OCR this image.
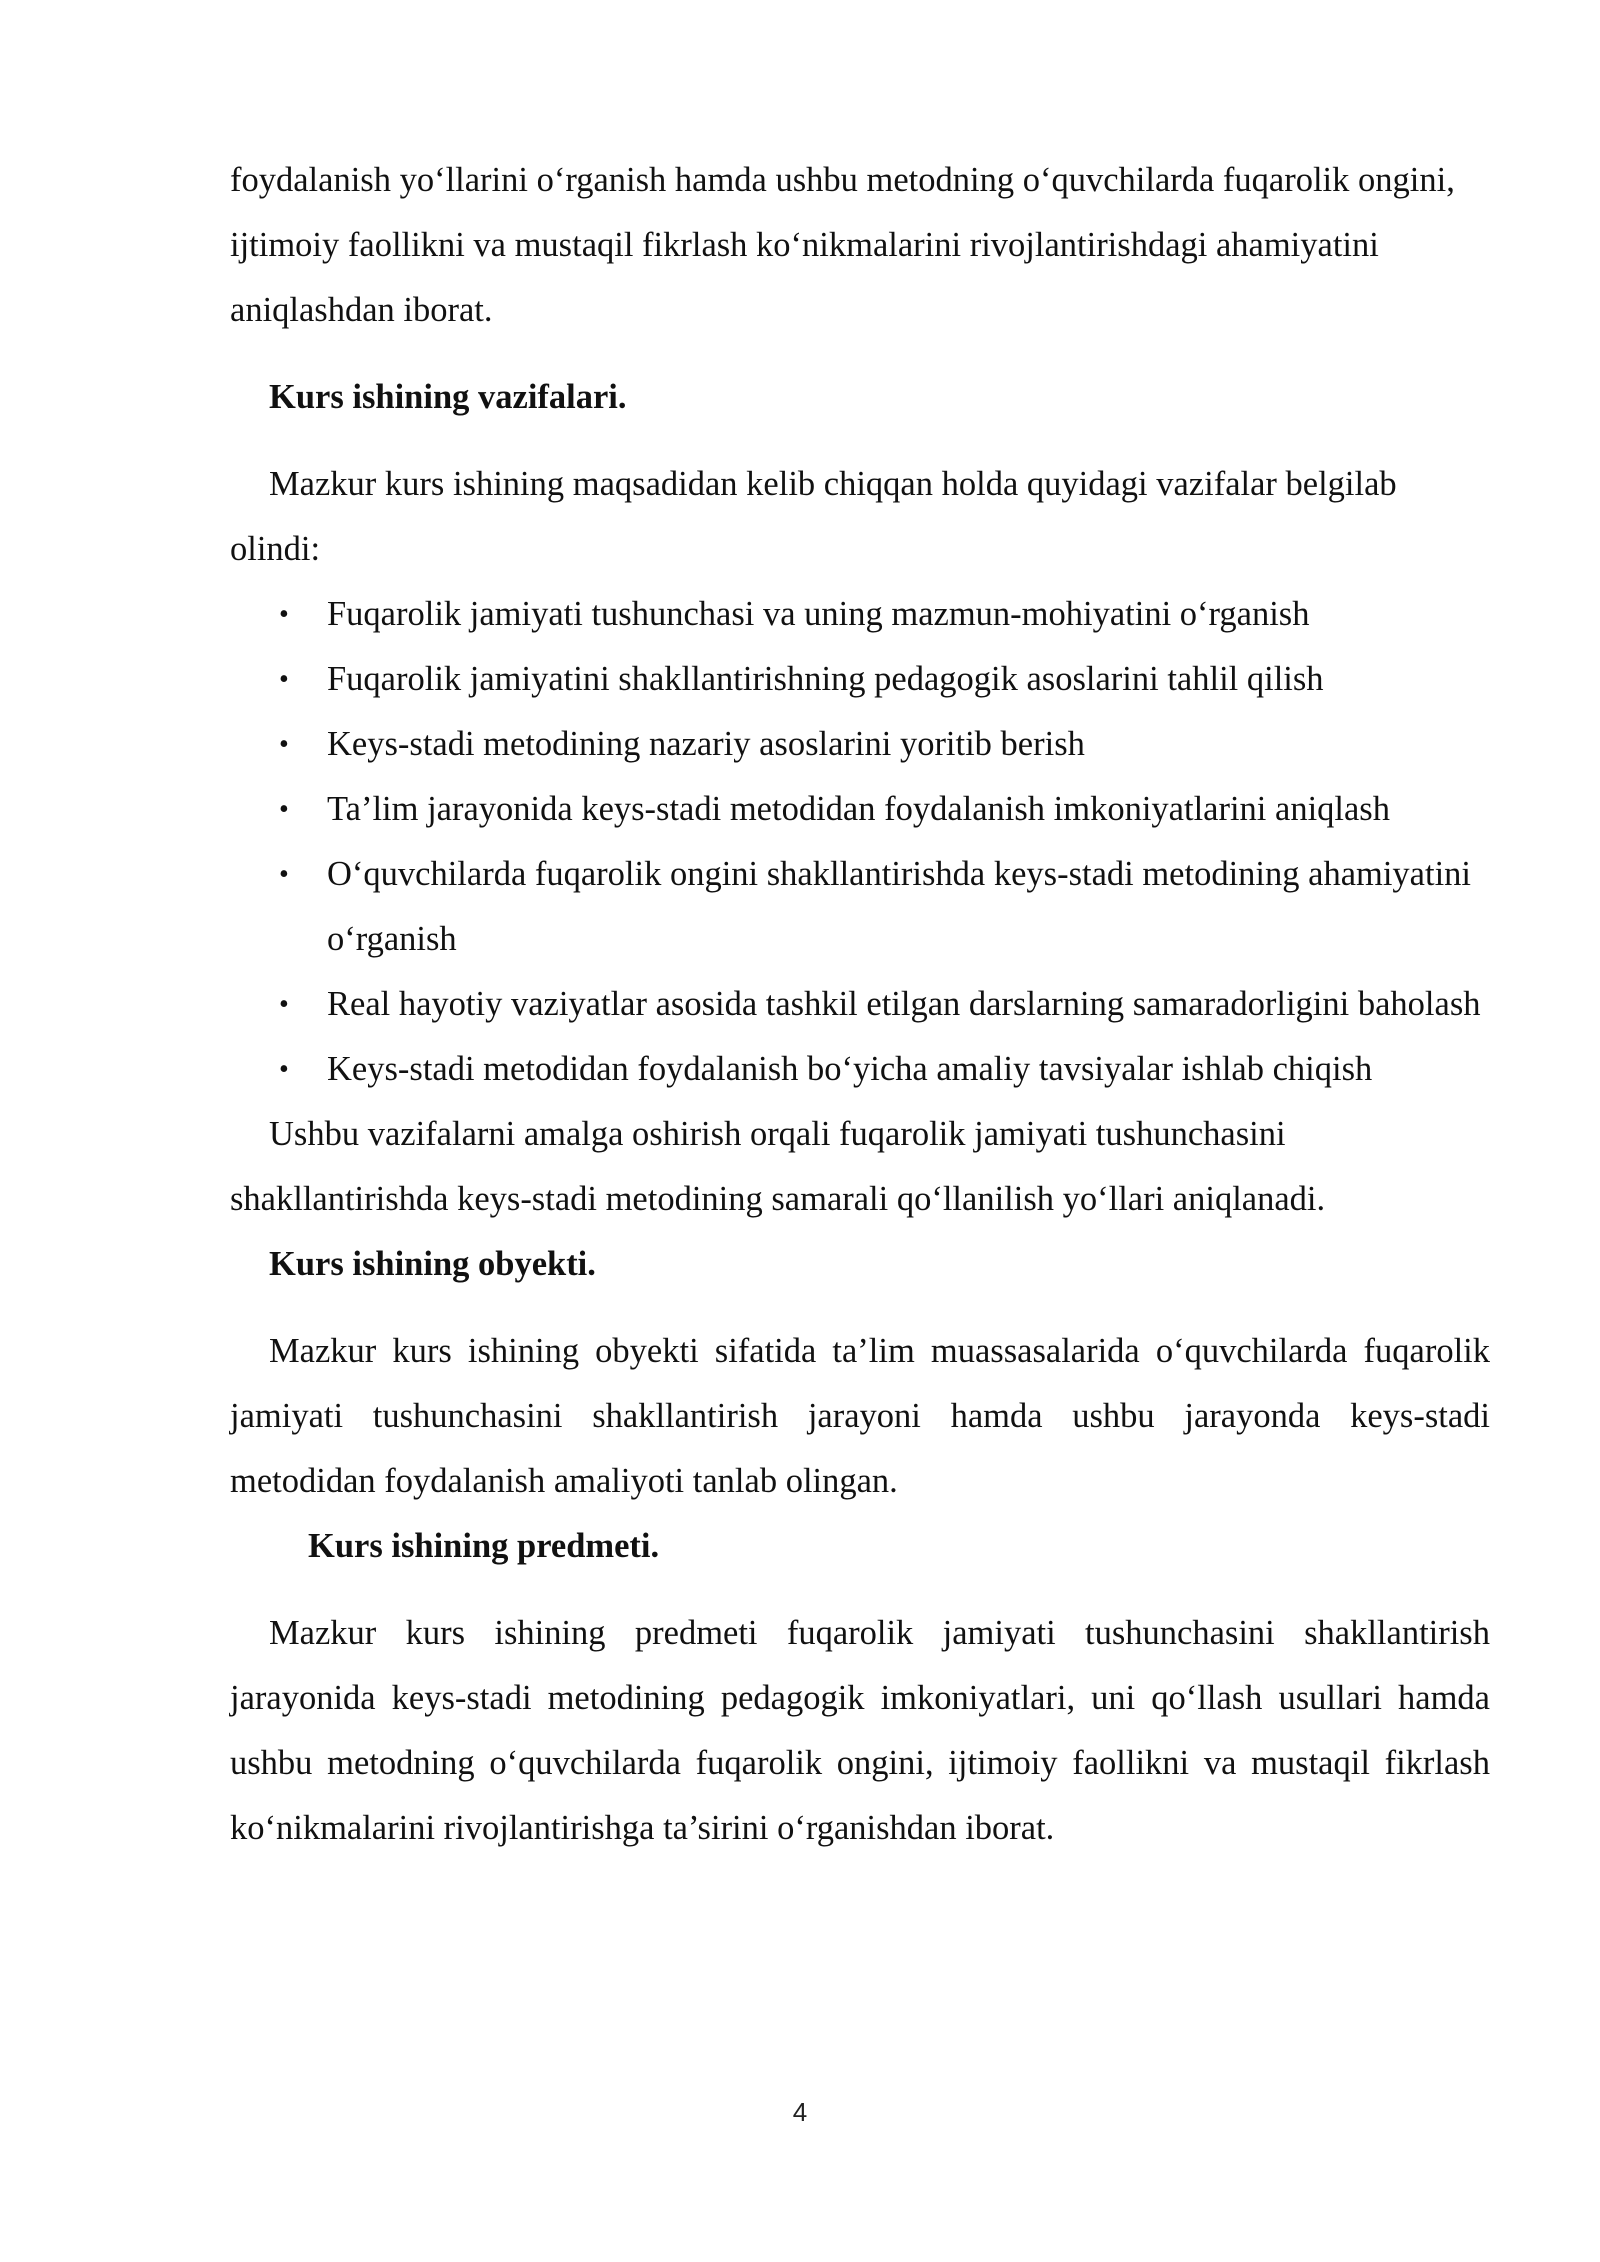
foydalanish yo‘llarini o‘rganish hamda ushbu metodning o‘quvchilarda fuqarolik ongini, ijtimoiy faollikni va mustaqil fikrlash ko‘nikmalarini rivojlantirishdagi ahamiyatini aniqlashdan iborat.

Kurs ishining vazifalari.

Mazkur kurs ishining maqsadidan kelib chiqqan holda quyidagi vazifalar belgilab olindi:

• Fuqarolik jamiyati tushunchasi va uning mazmun-mohiyatini o‘rganish
• Fuqarolik jamiyatini shakllantirishning pedagogik asoslarini tahlil qilish
• Keys-stadi metodining nazariy asoslarini yoritib berish
• Ta’lim jarayonida keys-stadi metodidan foydalanish imkoniyatlarini aniqlash
• O‘quvchilarda fuqarolik ongini shakllantirishda keys-stadi metodining ahamiyatini o‘rganish
• Real hayotiy vaziyatlar asosida tashkil etilgan darslarning samaradorligini baholash
• Keys-stadi metodidan foydalanish bo‘yicha amaliy tavsiyalar ishlab chiqish

Ushbu vazifalarni amalga oshirish orqali fuqarolik jamiyati tushunchasini shakllantirishda keys-stadi metodining samarali qo‘llanilish yo‘llari aniqlanadi.

Kurs ishining obyekti.

Mazkur kurs ishining obyekti sifatida ta’lim muassasalarida o‘quvchilarda fuqarolik jamiyati tushunchasini shakllantirish jarayoni hamda ushbu jarayonda keys-stadi metodidan foydalanish amaliyoti tanlab olingan.

Kurs ishining predmeti.

Mazkur kurs ishining predmeti fuqarolik jamiyati tushunchasini shakllantirish jarayonida keys-stadi metodining pedagogik imkoniyatlari, uni qo‘llash usullari hamda ushbu metodning o‘quvchilarda fuqarolik ongini, ijtimoiy faollikni va mustaqil fikrlash ko‘nikmalarini rivojlantirishga ta’sirini o‘rganishdan iborat.

4
